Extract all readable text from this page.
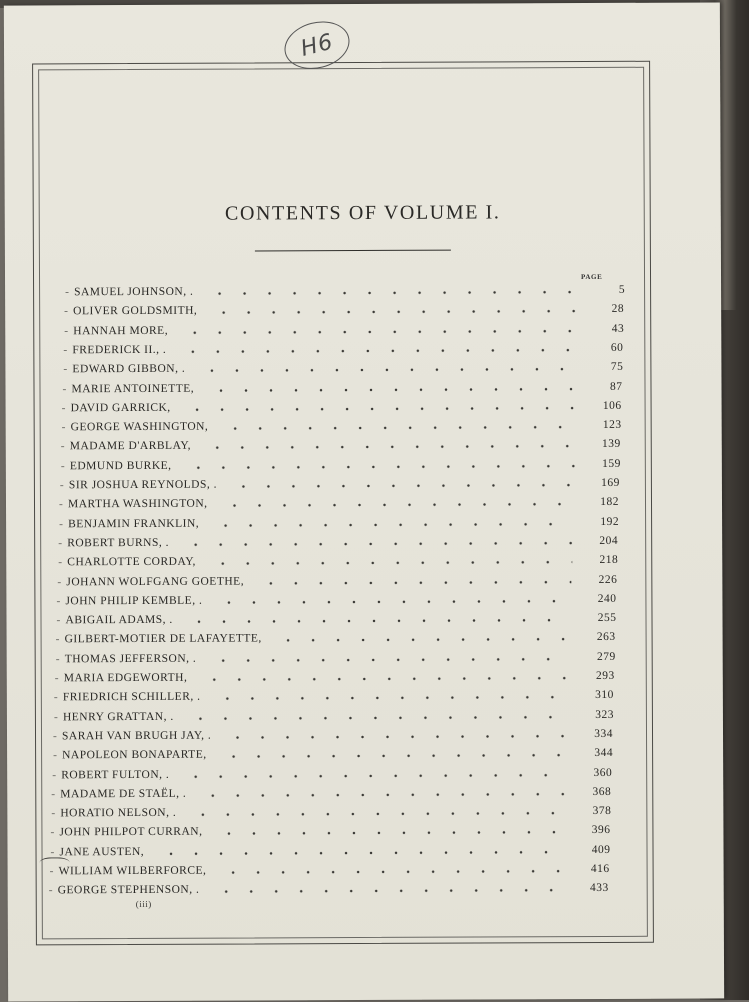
H6
CONTENTS OF VOLUME I.
PAGE
- SAMUEL JOHNSON, .	5
- OLIVER GOLDSMITH,	28
- HANNAH MORE,	43
- FREDERICK II., .	60
- EDWARD GIBBON, .	75
- MARIE ANTOINETTE,	87
- DAVID GARRICK,	106
- GEORGE WASHINGTON,	123
- MADAME D'ARBLAY,	139
- EDMUND BURKE,	159
- SIR JOSHUA REYNOLDS, .	169
- MARTHA WASHINGTON,	182
- BENJAMIN FRANKLIN,	192
- ROBERT BURNS, .	204
- CHARLOTTE CORDAY,	218
- JOHANN WOLFGANG GOETHE,	226
- JOHN PHILIP KEMBLE, .	240
- ABIGAIL ADAMS, .	255
- GILBERT-MOTIER DE LAFAYETTE,	263
- THOMAS JEFFERSON, .	279
- MARIA EDGEWORTH,	293
- FRIEDRICH SCHILLER, .	310
- HENRY GRATTAN, .	323
- SARAH VAN BRUGH JAY, .	334
- NAPOLEON BONAPARTE,	344
- ROBERT FULTON, .	360
- MADAME DE STAËL, .	368
- HORATIO NELSON, .	378
- JOHN PHILPOT CURRAN,	396
- JANE AUSTEN,	409
- WILLIAM WILBERFORCE,	416
- GEORGE STEPHENSON, .	433
(iii)
